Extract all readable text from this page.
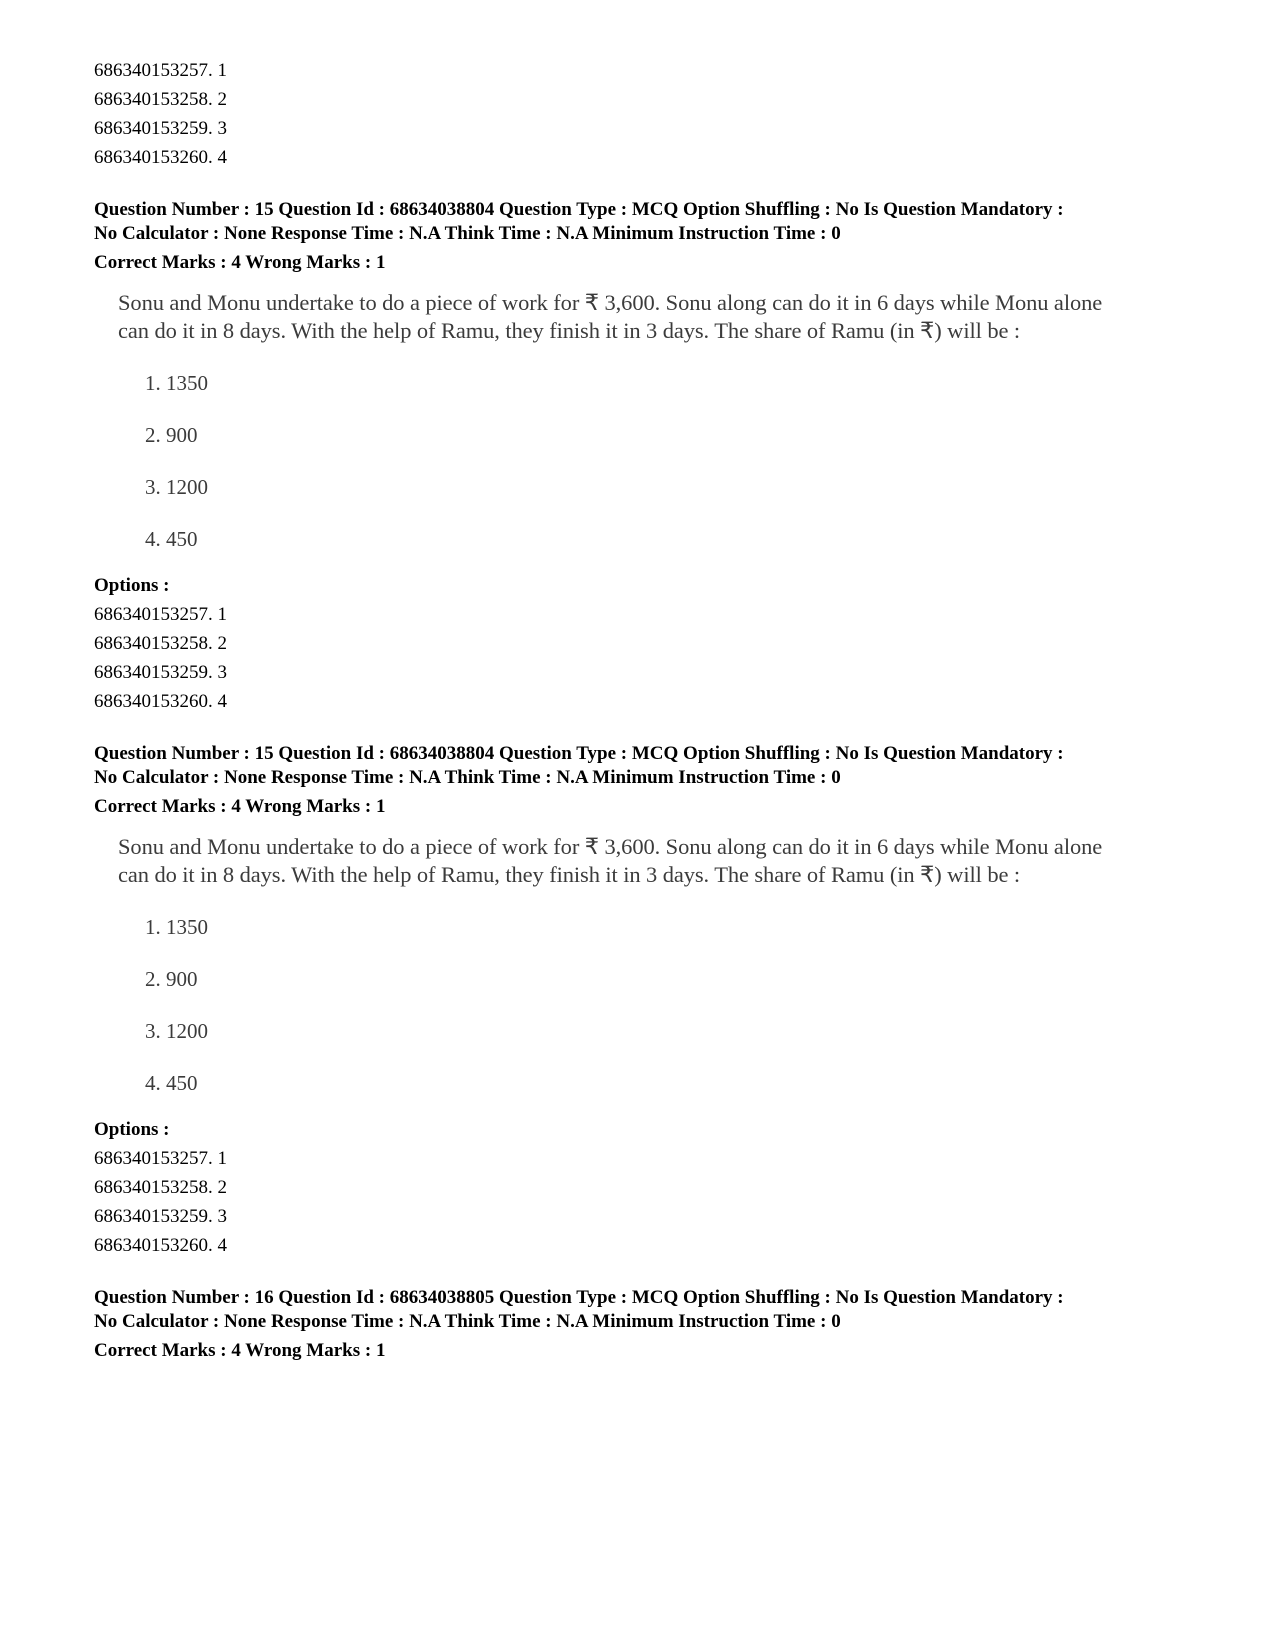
686340153257. 1
686340153258. 2
686340153259. 3
686340153260. 4
Question Number : 15 Question Id : 68634038804 Question Type : MCQ Option Shuffling : No Is Question Mandatory :
No Calculator : None Response Time : N.A Think Time : N.A Minimum Instruction Time : 0
Correct Marks : 4 Wrong Marks : 1
Sonu and Monu undertake to do a piece of work for ₹ 3,600. Sonu along can do it in 6 days while Monu alone
can do it in 8 days. With the help of Ramu, they finish it in 3 days. The share of Ramu (in ₹) will be :
1. 1350
2. 900
3. 1200
4. 450
Options :
686340153257. 1
686340153258. 2
686340153259. 3
686340153260. 4
Question Number : 15 Question Id : 68634038804 Question Type : MCQ Option Shuffling : No Is Question Mandatory :
No Calculator : None Response Time : N.A Think Time : N.A Minimum Instruction Time : 0
Correct Marks : 4 Wrong Marks : 1
Sonu and Monu undertake to do a piece of work for ₹ 3,600. Sonu along can do it in 6 days while Monu alone
can do it in 8 days. With the help of Ramu, they finish it in 3 days. The share of Ramu (in ₹) will be :
1. 1350
2. 900
3. 1200
4. 450
Options :
686340153257. 1
686340153258. 2
686340153259. 3
686340153260. 4
Question Number : 16 Question Id : 68634038805 Question Type : MCQ Option Shuffling : No Is Question Mandatory :
No Calculator : None Response Time : N.A Think Time : N.A Minimum Instruction Time : 0
Correct Marks : 4 Wrong Marks : 1
